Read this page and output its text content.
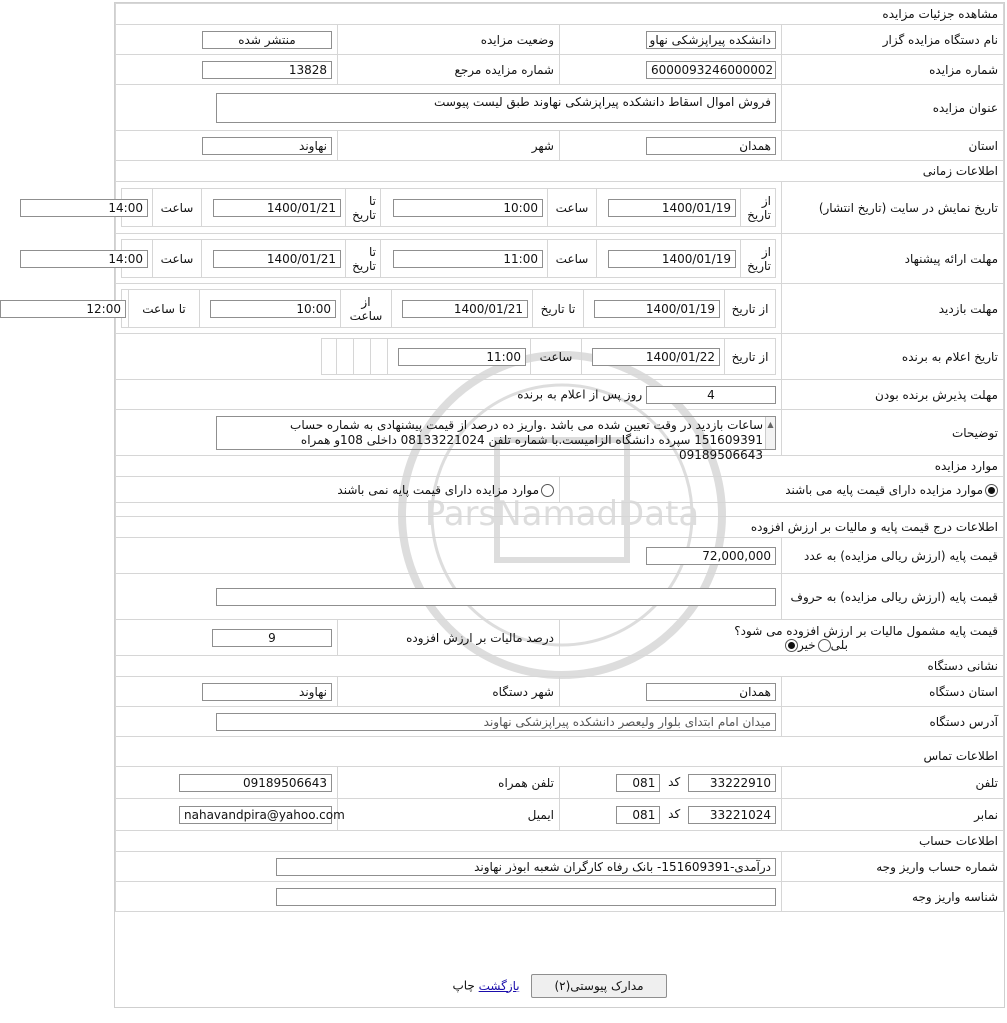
ParsNamadData
مشاهده جزئیات مزایده
نام دستگاه مزایده گزار	دانشکده پیراپزشکی نهاو	وضعیت مزایده	منتشر شده
شماره مزایده	6000093246000002	شماره مزایده مرجع	13828
عنوان مزایده	فروش اموال اسقاط دانشکده پیراپزشکی نهاوند طبق لیست پیوست
استان	همدان	شهر	نهاوند
اطلاعات زمانی
تاریخ نمایش در سایت (تاریخ انتشار)	
از تاریخ	1400/01/19	ساعت	10:00	تا تاریخ	1400/01/21	ساعت	14:00

مهلت ارائه پیشنهاد	
از تاریخ	1400/01/19	ساعت	11:00	تا تاریخ	1400/01/21	ساعت	14:00

مهلت بازدید	
از تاریخ	1400/01/19	تا تاریخ	1400/01/21	از ساعت	10:00	تا ساعت	12:00

تاریخ اعلام به برنده	
از تاریخ	1400/01/22	ساعت	11:00				

مهلت پذیرش برنده بودن	4 روز پس از اعلام به برنده
توضیحات	
▲
ساعات بازدید در وقت تعیین شده می باشد .واریز ده درصد از قیمت پیشنهادی به شماره حساب
151609391 سپرده دانشگاه الزامیست.با شماره تلفن 08133221024 داخلی 108و همراه 09189506643

موارد مزایده
موارد مزایده دارای قیمت پایه می باشند	موارد مزایده دارای قیمت پایه نمی باشند

اطلاعات درج قیمت پایه و مالیات بر ارزش افزوده
قیمت پایه (ارزش ریالی مزایده) به عدد	72,000,000
قیمت پایه (ارزش ریالی مزایده) به حروف	
قیمت پایه مشمول مالیات بر ارزش افزوده می شود؟ بلیخیر	درصد مالیات بر ارزش افزوده	9
نشانی دستگاه
استان دستگاه	همدان	شهر دستگاه	نهاوند
آدرس دستگاه	میدان امام ابتدای بلوار ولیعصر دانشکده پیراپزشکی نهاوند
اطلاعات تماس
تلفن	33222910 کد 081	تلفن همراه	09189506643
نمابر	33221024 کد 081	ایمیل	nahavandpira@yahoo.com
اطلاعات حساب
شماره حساب واریز وجه	درآمدی-151609391- بانک رفاه کارگران شعبه ابوذر نهاوند
شناسه واریز وجه	
مدارک پیوستی(۲) بازگشت چاپ
